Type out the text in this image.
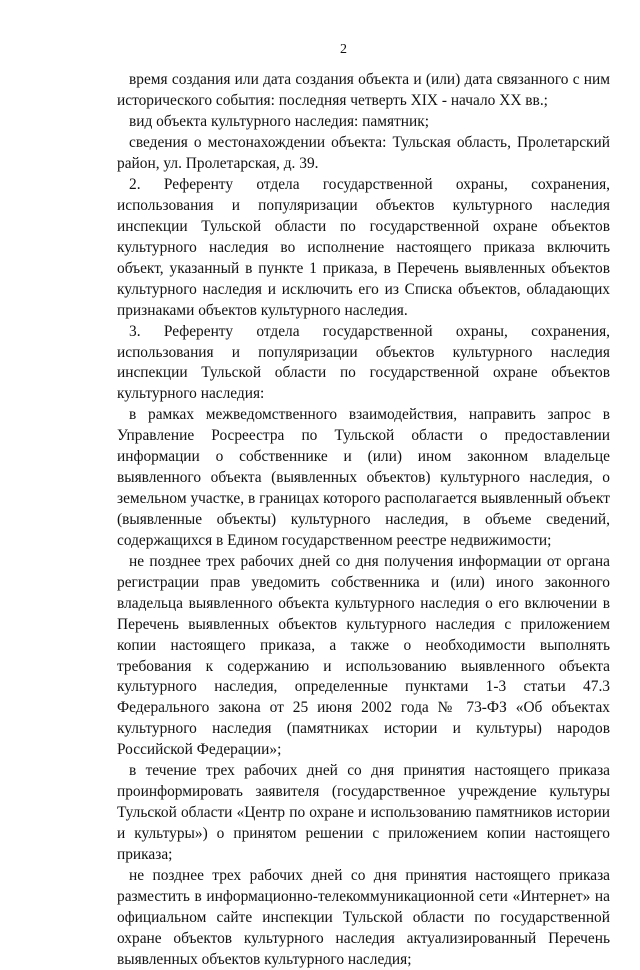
2

время создания или дата создания объекта и (или) дата связанного с ним исторического события: последняя четверть XIX - начало XX вв.;

вид объекта культурного наследия: памятник;

сведения о местонахождении объекта: Тульская область, Пролетарский район, ул. Пролетарская, д. 39.

2. Референту отдела государственной охраны, сохранения, использования и популяризации объектов культурного наследия инспекции Тульской области по государственной охране объектов культурного наследия во исполнение настоящего приказа включить объект, указанный в пункте 1 приказа, в Перечень выявленных объектов культурного наследия и исключить его из Списка объектов, обладающих признаками объектов культурного наследия.

3. Референту отдела государственной охраны, сохранения, использования и популяризации объектов культурного наследия инспекции Тульской области по государственной охране объектов культурного наследия:

в рамках межведомственного взаимодействия, направить запрос в Управление Росреестра по Тульской области о предоставлении информации о собственнике и (или) ином законном владельце выявленного объекта (выявленных объектов) культурного наследия, о земельном участке, в границах которого располагается выявленный объект (выявленные объекты) культурного наследия, в объеме сведений, содержащихся в Едином государственном реестре недвижимости;

не позднее трех рабочих дней со дня получения информации от органа регистрации прав уведомить собственника и (или) иного законного владельца выявленного объекта культурного наследия о его включении в Перечень выявленных объектов культурного наследия с приложением копии настоящего приказа, а также о необходимости выполнять требования к содержанию и использованию выявленного объекта культурного наследия, определенные пунктами 1-3 статьи 47.3 Федерального закона от 25 июня 2002 года № 73-ФЗ «Об объектах культурного наследия (памятниках истории и культуры) народов Российской Федерации»;

в течение трех рабочих дней со дня принятия настоящего приказа проинформировать заявителя (государственное учреждение культуры Тульской области «Центр по охране и использованию памятников истории и культуры») о принятом решении с приложением копии настоящего приказа;

не позднее трех рабочих дней со дня принятия настоящего приказа разместить в информационно-телекоммуникационной сети «Интернет» на официальном сайте инспекции Тульской области по государственной охране объектов культурного наследия актуализированный Перечень выявленных объектов культурного наследия;
